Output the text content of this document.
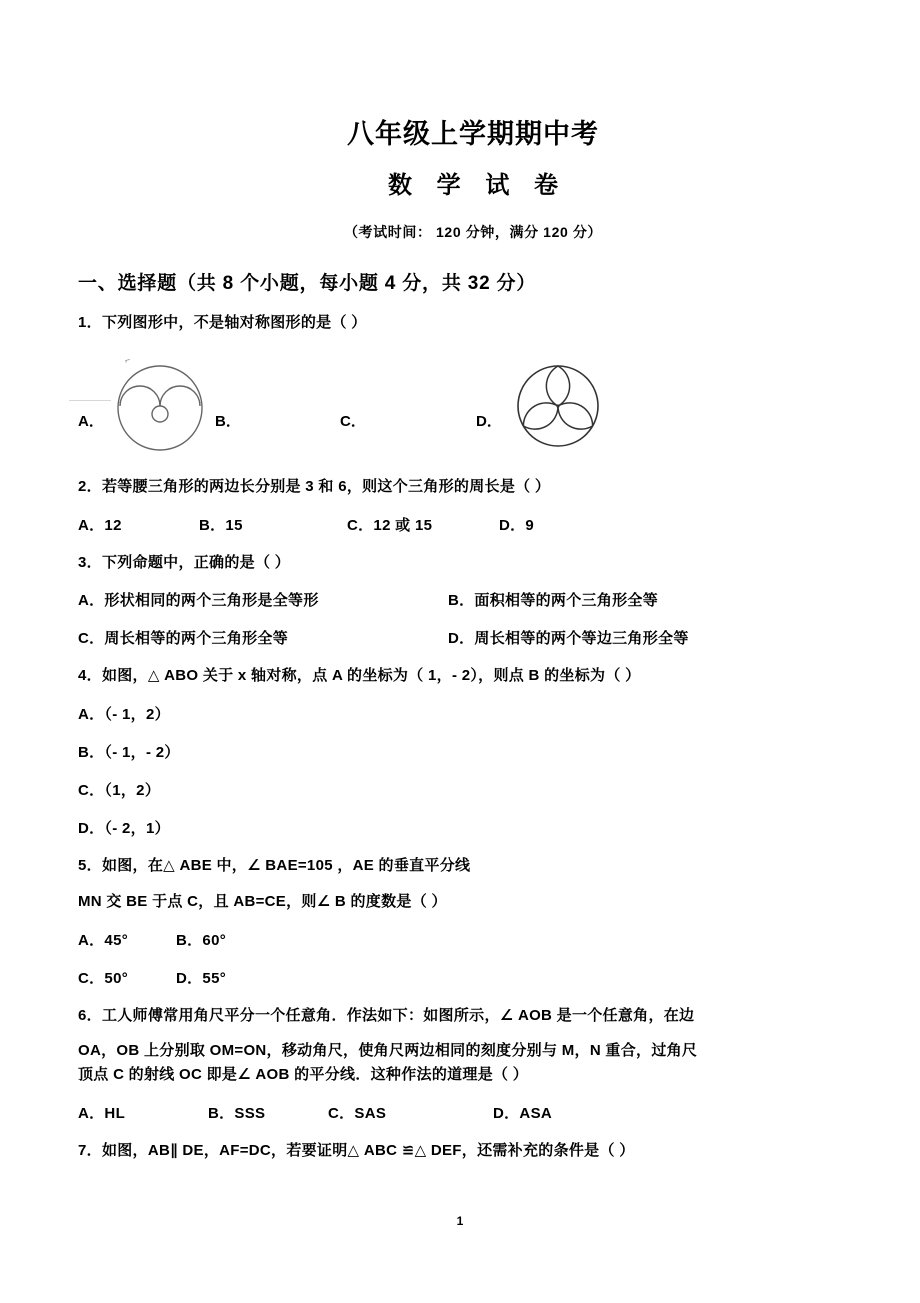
八年级上学期期中考
数 学 试 卷
（考试时间： 120 分钟，满分 120 分）
一、选择题（共 8 个小题，每小题 4 分，共 32 分）
1．下列图形中，不是轴对称图形的是（ ）
A．
⌐
B．	C．	D．
2．若等腰三角形的两边长分别是 3 和 6，则这个三角形的周长是（ ）
A．12	B．15	C．12 或 15	D．9
3．下列命题中，正确的是（ ）
A．形状相同的两个三角形是全等形	B．面积相等的两个三角形全等
C．周长相等的两个三角形全等	D．周长相等的两个等边三角形全等
4．如图，△ ABO 关于 x 轴对称，点 A 的坐标为（ 1，- 2），则点 B 的坐标为（ ）
A．（- 1，2）
B．（- 1，- 2）
C．（1，2）
D．（- 2，1）
5．如图，在△ ABE 中，∠ BAE=105 ，AE 的垂直平分线
MN 交 BE 于点 C，且 AB=CE，则∠ B 的度数是（ ）
A．45°	B．60°
C．50°	D．55°
6．工人师傅常用角尺平分一个任意角．作法如下：如图所示，∠ AOB 是一个任意角，在边
OA，OB 上分别取 OM=ON，移动角尺，使角尺两边相同的刻度分别与 M，N 重合，过角尺
顶点 C 的射线 OC 即是∠ AOB 的平分线．这种作法的道理是（ ）
A．HL	B．SSS	C．SAS	D．ASA
7．如图，AB∥ DE，AF=DC，若要证明△ ABC ≌△ DEF，还需补充的条件是（ ）
1
